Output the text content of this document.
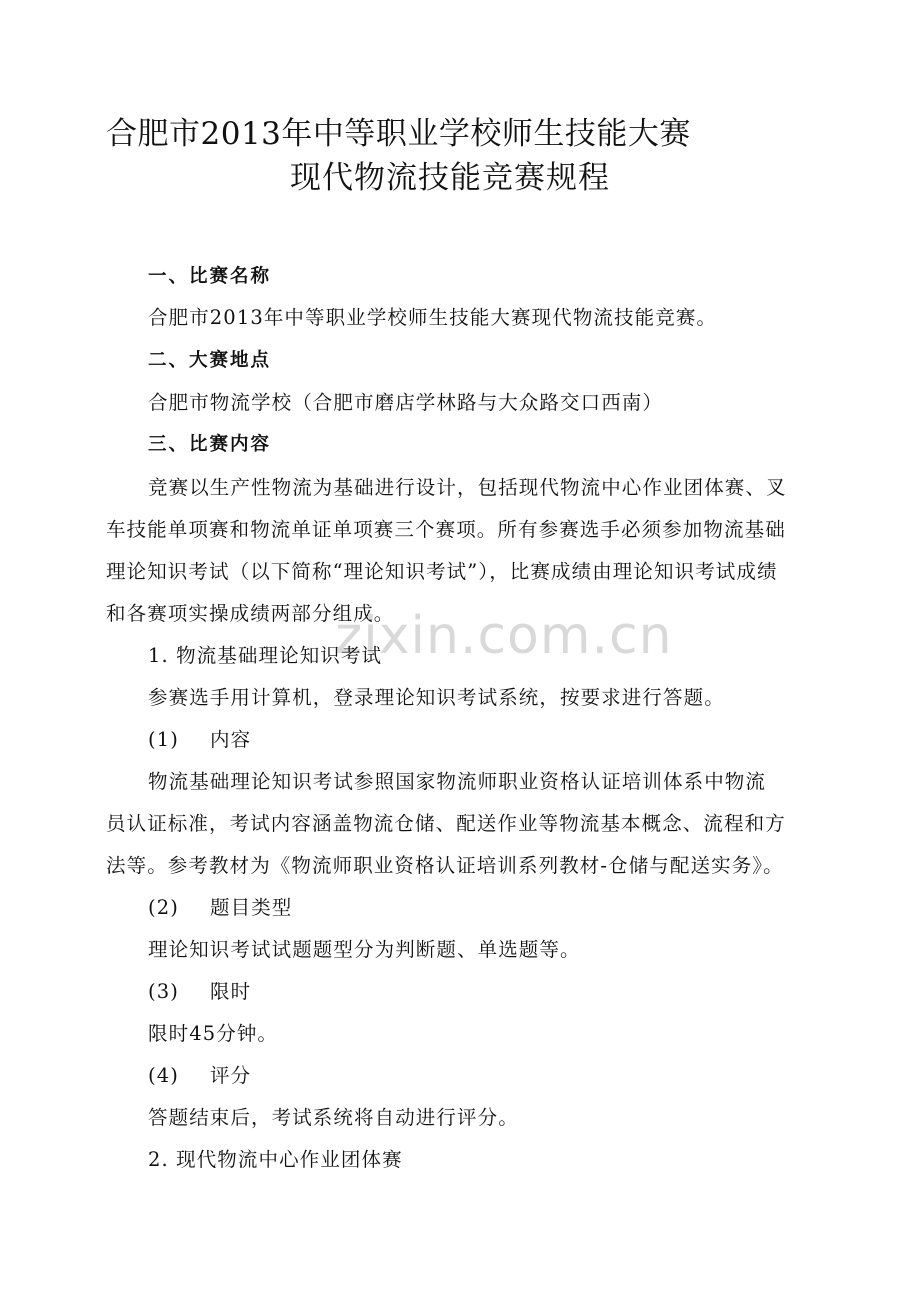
合肥市2013年中等职业学校师生技能大赛
现代物流技能竞赛规程
一、比赛名称
合肥市2013年中等职业学校师生技能大赛现代物流技能竞赛。
二、大赛地点
合肥市物流学校（合肥市磨店学林路与大众路交口西南）
三、比赛内容
竞赛以生产性物流为基础进行设计，包括现代物流中心作业团体赛、叉
车技能单项赛和物流单证单项赛三个赛项。所有参赛选手必须参加物流基础
理论知识考试（以下简称“理论知识考试”），比赛成绩由理论知识考试成绩
和各赛项实操成绩两部分组成。
zixin.com.cn
1. 物流基础理论知识考试
参赛选手用计算机，登录理论知识考试系统，按要求进行答题。
(1) 内容
物流基础理论知识考试参照国家物流师职业资格认证培训体系中物流
员认证标准，考试内容涵盖物流仓储、配送作业等物流基本概念、流程和方
法等。参考教材为《物流师职业资格认证培训系列教材-仓储与配送实务》。
(2) 题目类型
理论知识考试试题题型分为判断题、单选题等。
(3) 限时
限时45分钟。
(4) 评分
答题结束后，考试系统将自动进行评分。
2. 现代物流中心作业团体赛
